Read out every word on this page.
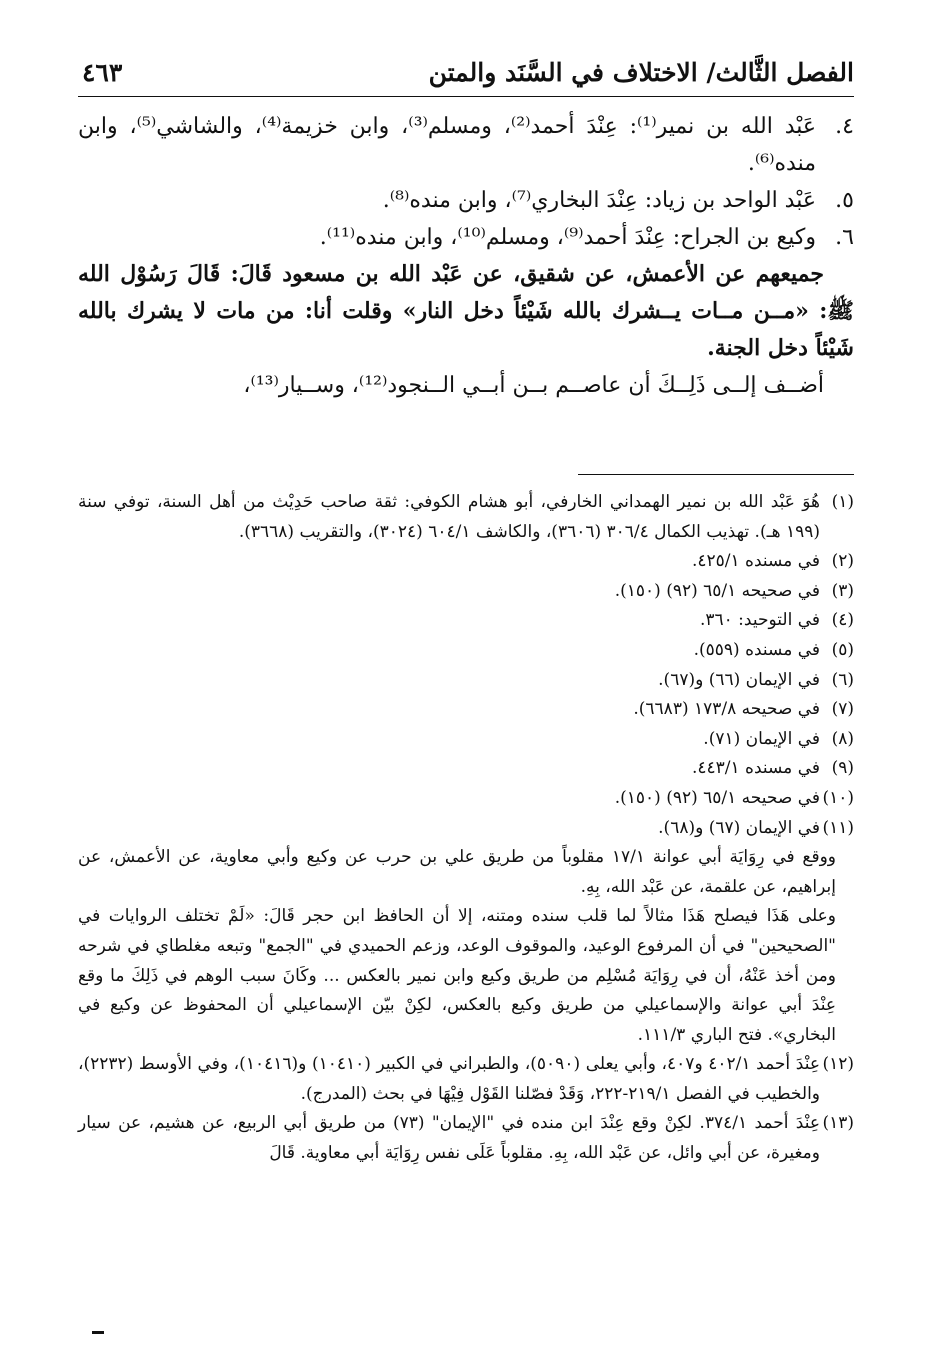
الفصل الثَّالث/ الاختلاف في السَّنَد والمتن
٤٦٣
٤.
عَبْد الله بن نمير⁽¹⁾: عِنْدَ أحمد⁽²⁾، ومسلم⁽³⁾، وابن خزيمة⁽⁴⁾، والشاشي⁽⁵⁾، وابن منده⁽⁶⁾.
٥.
عَبْد الواحد بن زياد: عِنْدَ البخاري⁽⁷⁾، وابن منده⁽⁸⁾.
٦.
وكيع بن الجراح: عِنْدَ أحمد⁽⁹⁾، ومسلم⁽¹⁰⁾، وابن منده⁽¹¹⁾.
جميعهم عن الأعمش، عن شقيق، عن عَبْد الله بن مسعود قَالَ: قَالَ رَسُوْل الله ﷺ: «مــن مــات يــشرك بالله شَيْئاً دخل النار» وقلت أنا: من مات لا يشرك بالله شَيْئاً دخل الجنة.
أضــف إلــى ذَلِــكَ أن عاصــم بــن أبــي الــنجود⁽¹²⁾، وســيار⁽¹³⁾،
(١)
هُوَ عَبْد الله بن نمير الهمداني الخارفي، أبو هشام الكوفي: ثقة صاحب حَدِيْث من أهل السنة، توفي سنة (١٩٩ هـ). تهذيب الكمال ٣٠٦/٤ (٣٦٠٦)، والكاشف ٦٠٤/١ (٣٠٢٤)، والتقريب (٣٦٦٨).
(٢)
في مسنده ٤٢٥/١.
(٣)
في صحيحه ٦٥/١ (٩٢) (١٥٠).
(٤)
في التوحيد: ٣٦٠.
(٥)
في مسنده (٥٥٩).
(٦)
في الإيمان (٦٦) و(٦٧).
(٧)
في صحيحه ١٧٣/٨ (٦٦٨٣).
(٨)
في الإيمان (٧١).
(٩)
في مسنده ٤٤٣/١.
(١٠)
في صحيحه ٦٥/١ (٩٢) (١٥٠).
(١١)
في الإيمان (٦٧) و(٦٨).
ووقع في رِوَايَة أبي عوانة ١٧/١ مقلوباً من طريق علي بن حرب عن وكيع وأبي معاوية، عن الأعمش، عن إبراهيم، عن علقمة، عن عَبْد الله، بِهِ.
وعلى هَذَا فيصلح هَذَا مثالاً لما قلب سنده ومتنه، إلا أن الحافظ ابن حجر قَالَ: «لَمْ تختلف الروايات في "الصحيحين" في أن المرفوع الوعيد، والموقوف الوعد، وزعم الحميدي في "الجمع" وتبعه مغلطاي في شرحه ومن أخذ عَنْهُ، أن في رِوَايَة مُسْلِم من طريق وكيع وابن نمير بالعكس ... وكَانَ سبب الوهم في ذَلِكَ ما وقع عِنْدَ أبي عوانة والإسماعيلي من طريق وكيع بالعكس، لكِنْ بيّن الإسماعيلي أن المحفوظ عن وكيع في البخاري». فتح الباري ١١١/٣.
(١٢)
عِنْدَ أحمد ٤٠٢/١ و٤٠٧، وأبي يعلى (٥٠٩٠)، والطبراني في الكبير (١٠٤١٠) و(١٠٤١٦)، وفي الأوسط (٢٢٣٢)، والخطيب في الفصل ٢١٩/١-٢٢٢، وَقَدْ فصّلنا القَوْل فِيْهَا في بحث (المدرج).
(١٣)
عِنْدَ أحمد ٣٧٤/١. لكِنْ وقع عِنْدَ ابن منده في "الإيمان" (٧٣) من طريق أبي الربيع، عن هشيم، عن سيار ومغيرة، عن أبي وائل، عن عَبْد الله، بِهِ. مقلوباً عَلَى نفس رِوَايَة أبي معاوية. قَالَ
